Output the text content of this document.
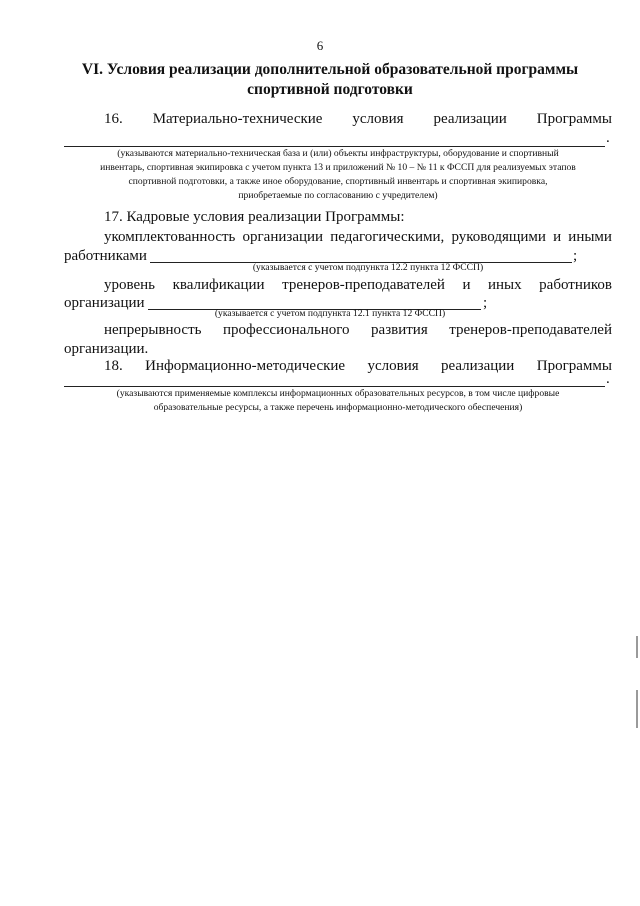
6
VI. Условия реализации дополнительной образовательной программы
спортивной подготовки
16. Материально-технические условия реализации Программы
.
(указываются материально-техническая база и (или) объекты инфраструктуры, оборудование и спортивный
инвентарь, спортивная экипировка с учетом пункта 13 и приложений № 10 – № 11 к ФССП для реализуемых этапов
спортивной подготовки, а также иное оборудование, спортивный инвентарь и спортивная экипировка,
приобретаемые по согласованию с учредителем)
17. Кадровые условия реализации Программы:
укомплектованность организации педагогическими, руководящими и иными
работниками	;
(указывается с учетом подпункта 12.2 пункта 12 ФССП)
уровень квалификации тренеров-преподавателей и иных работников
организации	;
(указывается с учетом подпункта 12.1 пункта 12 ФССП)
непрерывность профессионального развития тренеров-преподавателей
организации.
18. Информационно-методические условия реализации Программы
.
(указываются применяемые комплексы информационных образовательных ресурсов, в том числе цифровые
образовательные ресурсы, а также перечень информационно-методического обеспечения)
